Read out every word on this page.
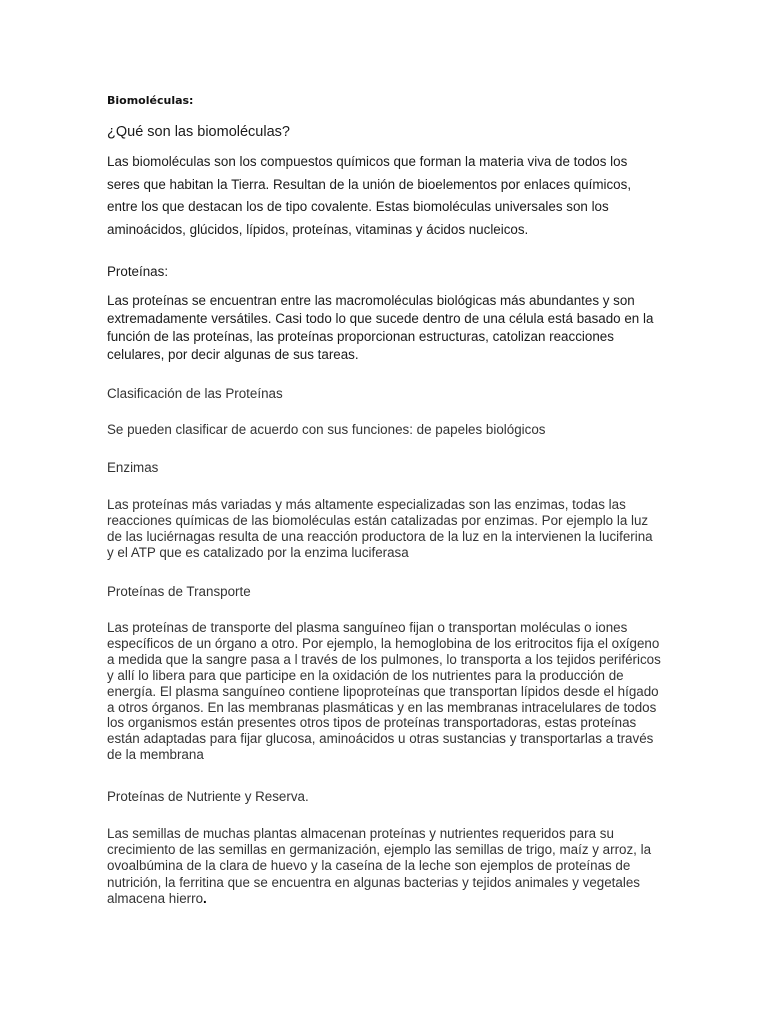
Biomoléculas:
¿Qué son las biomoléculas?

Las biomoléculas son los compuestos químicos que forman la materia viva de todos los seres que habitan la Tierra. Resultan de la unión de bioelementos por enlaces químicos, entre los que destacan los de tipo covalente. Estas biomoléculas universales son los aminoácidos, glúcidos, lípidos, proteínas, vitaminas y ácidos nucleicos.

Proteínas:

Las proteínas se encuentran entre las macromoléculas biológicas más abundantes y son extremadamente versátiles. Casi todo lo que sucede dentro de una célula está basado en la función de las proteínas, las proteínas proporcionan estructuras, catolizan reacciones celulares, por decir algunas de sus tareas.

Clasificación de las Proteínas
Se pueden clasificar de acuerdo con sus funciones: de papeles biológicos
Enzimas

Las proteínas más variadas y más altamente especializadas son las enzimas, todas las reacciones químicas de las biomoléculas están catalizadas por enzimas. Por ejemplo la luz de las luciérnagas resulta de una reacción productora de la luz en la intervienen la luciferina y el ATP que es catalizado por la enzima luciferasa

Proteínas de Transporte

Las proteínas de transporte del plasma sanguíneo fijan o transportan moléculas o iones específicos de un órgano a otro. Por ejemplo, la hemoglobina de los eritrocitos fija el oxígeno a medida que la sangre pasa a l través de los pulmones, lo transporta a los tejidos periféricos y allí lo libera para que participe en la oxidación de los nutrientes para la producción de energía. El plasma sanguíneo contiene lipoproteínas que transportan lípidos desde el hígado a otros órganos. En las membranas plasmáticas y en las membranas intracelulares de todos los organismos están presentes otros tipos de proteínas transportadoras, estas proteínas están adaptadas para fijar glucosa, aminoácidos u otras sustancias y transportarlas a través de la membrana

Proteínas de Nutriente y Reserva.

Las semillas de muchas plantas almacenan proteínas y nutrientes requeridos para su crecimiento de las semillas en germanización, ejemplo las semillas de trigo, maíz y arroz, la ovoalbúmina de la clara de huevo y la caseína de la leche son ejemplos de proteínas de nutrición, la ferritina que se encuentra en algunas bacterias y tejidos animales y vegetales almacena hierro.
